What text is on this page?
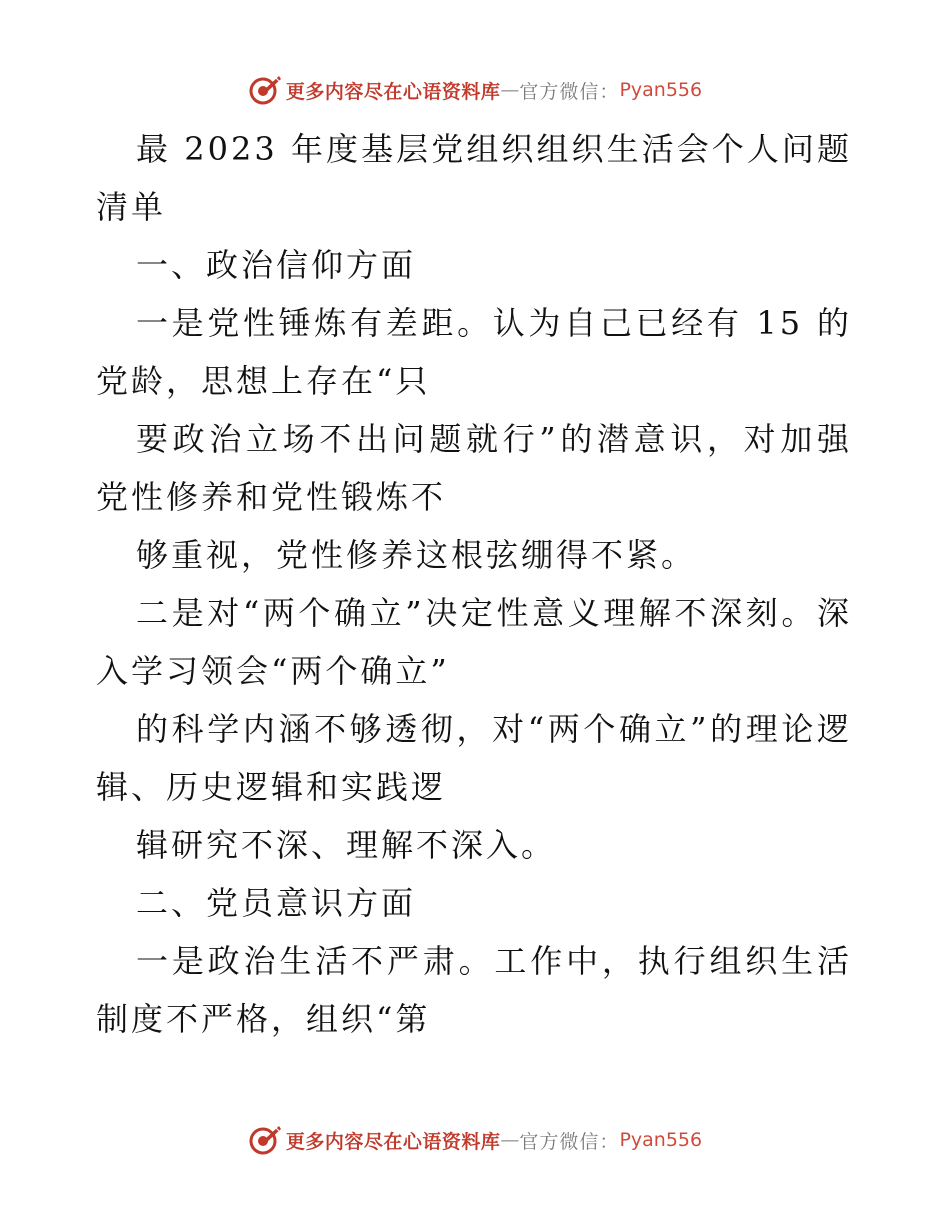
更多内容尽在心语资料库 — 官方微信： Pyan556

最 2023 年度基层党组织组织生活会个人问题清单

一、政治信仰方面

一是党性锤炼有差距。认为自己已经有 15 的党龄，思想上存在“只

要政治立场不出问题就行”的潜意识，对加强党性修养和党性锻炼不

够重视，党性修养这根弦绷得不紧。

二是对“两个确立”决定性意义理解不深刻。深入学习领会“两个确立”

的科学内涵不够透彻，对“两个确立”的理论逻辑、历史逻辑和实践逻

辑研究不深、理解不深入。

二、党员意识方面

一是政治生活不严肃。工作中，执行组织生活制度不严格，组织“第

更多内容尽在心语资料库 — 官方微信： Pyan556
